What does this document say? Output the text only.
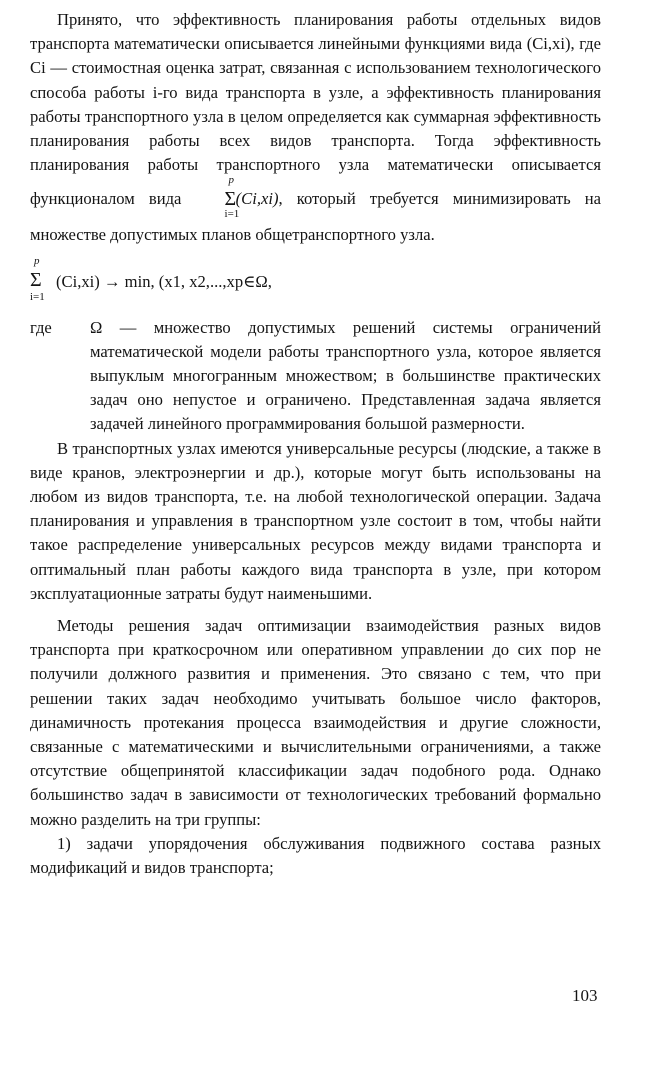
Принято, что эффективность планирования работы отдельных видов транспорта математически описывается линейными функциями вида (Ci,xi), где Ci — стоимостная оценка затрат, связанная с использованием технологического способа работы i-го вида транспорта в узле, а эффективность планирования работы транспортного узла в целом определяется как суммарная эффективность планирования работы всех видов транспорта. Тогда эффективность планирования работы транспортного узла математически описывается функционалом вида
p
Σ
i=1
(Ci,xi), который требуется минимизировать на множестве допустимых планов общетранспортного узла.

p
Σ
i=1
(Ci,xi) → min, (x1, x2,...,xp∈Ω,
где	Ω — множество допустимых решений системы ограничений математической модели работы транспортного узла, которое является выпуклым многогранным множеством; в большинстве практических задач оно непустое и ограничено. Представленная задача является задачей линейного программирования большой размерности.

В транспортных узлах имеются универсальные ресурсы (людские, а также в виде кранов, электроэнергии и др.), которые могут быть использованы на любом из видов транспорта, т.е. на любой технологической операции. Задача планирования и управления в транспортном узле состоит в том, чтобы найти такое распределение универсальных ресурсов между видами транспорта и оптимальный план работы каждого вида транспорта в узле, при котором эксплуатационные затраты будут наименьшими.

Методы решения задач оптимизации взаимодействия разных видов транспорта при краткосрочном или оперативном управлении до сих пор не получили должного развития и применения. Это связано с тем, что при решении таких задач необходимо учитывать большое число факторов, динамичность протекания процесса взаимодействия и другие сложности, связанные с математическими и вычислительными ограничениями, а также отсутствие общепринятой классификации задач подобного рода. Однако большинство задач в зависимости от технологических требований формально можно разделить на три группы:

1) задачи упорядочения обслуживания подвижного состава разных модификаций и видов транспорта;

103
